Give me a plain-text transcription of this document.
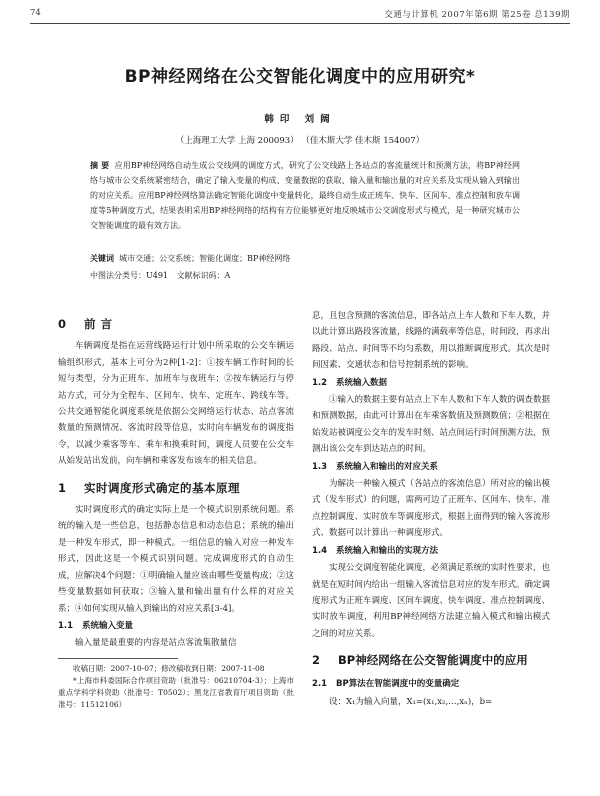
74	交通与计算机 2007年第6期 第25卷 总139期
BP神经网络在公交智能化调度中的应用研究*
韩印 刘阔
（上海理工大学 上海 200093） （佳木斯大学 佳木斯 154007）

摘 要 应用BP神经网络自动生成公交线网的调度方式，研究了公交线路上各站点的客流量统计和预测方法，将BP神经网络与城市公交系统紧密结合，确定了输入变量的构成、变量数据的获取、输入量和输出量的对应关系及实现从输入到输出的对应关系。应用BP神经网络算法确定智能化调度中变量转化，最终自动生成正班车、快车、区间车、准点控制和放车调度等5种调度方式，结果表明采用BP神经网络的结构有方位能够更好地反映城市公交调度形式与模式，是一种研究城市公交智能调度的最有效方法。

关键词 城市交通；公交系统；智能化调度；BP神经网络

中图法分类号：U491 文献标识码：A

0 前 言

车辆调度是指在运营线路运行计划中所采取的公交车辆运输组织形式，基本上可分为2种[1-2]：①按车辆工作时间的长短与类型，分为正班车、加班车与夜班车；②按车辆运行与停站方式，可分为全程车、区间车、快车、定班车、跨线车等。公共交通智能化调度系统是依据公交网络运行状态、站点客流数量的预测情况、客流时段等信息，实时向车辆发布的调度指令，以减少乘客等车、乘车和换乘时间，调度人员要在公交车从始发站出发前，向车辆和乘客发布该车的相关信息。

1 实时调度形式确定的基本原理

实时调度形式的确定实际上是一个模式识别系统问题。系统的输入是一些信息，包括静态信息和动态信息；系统的输出是一种发车形式，即一种模式。一组信息的输入对应一种发车形式，因此这是一个模式识别问题。完成调度形式的自动生成，应解决4个问题：①明确输入量应该由哪些变量构成；②这些变量数据如何获取；③输入量和输出量有什么样的对应关系；④如何实现从输入到输出的对应关系[3-4]。

1.1 系统输入变量

输入量是最重要的内容是站点客流集散量信

收稿日期：2007-10-07；修改稿收到日期：2007-11-08

*上海市科委国际合作项目资助（批准号：06210704-3）；上海市重点学科学科资助（批准号：T0502）；黑龙江省教育厅项目资助（批准号：11512106）

息，且包含预测的客流信息，即各站点上车人数和下车人数，并以此计算出路段客流量，线路的满载率等信息，时间段，再求出路段、站点、时间等不均匀系数，用以推断调度形式。其次是时间因素、交通状态和信号控制系统的影响。

1.2 系统输入数据

①输入的数据主要有站点上下车人数和下车人数的调查数据和预测数据，由此可计算出在车乘客数值及预测数值；②根据在始发站被调度公交车的发车时刻、站点间运行时间预测方法，预测出该公交车到达站点的时间。

1.3 系统输入和输出的对应关系

为解决一种输入模式（各站点的客流信息）所对应的输出模式（发车形式）的问题，需两可边了正班车、区间车、快车、准点控制调度、实时放车等调度形式，根据上面得到的输入客流形式、数据可以计算出一种调度形式。

1.4 系统输入和输出的实现方法

实现公交调度智能化调度，必须满足系统的实时性要求，也就是在短时间内给出一组输入客流信息对应的发车形式。确定调度形式为正班车调度、区间车调度、快车调度、准点控制调度、实时放车调度，利用BP神经网络方法建立输入模式和输出模式之间的对应关系。

2 BP神经网络在公交智能调度中的应用
2.1 BP算法在智能调度中的变量确定

设：X₁为输入向量，X₁=(x₁,x₂,…,xₙ)，b=
